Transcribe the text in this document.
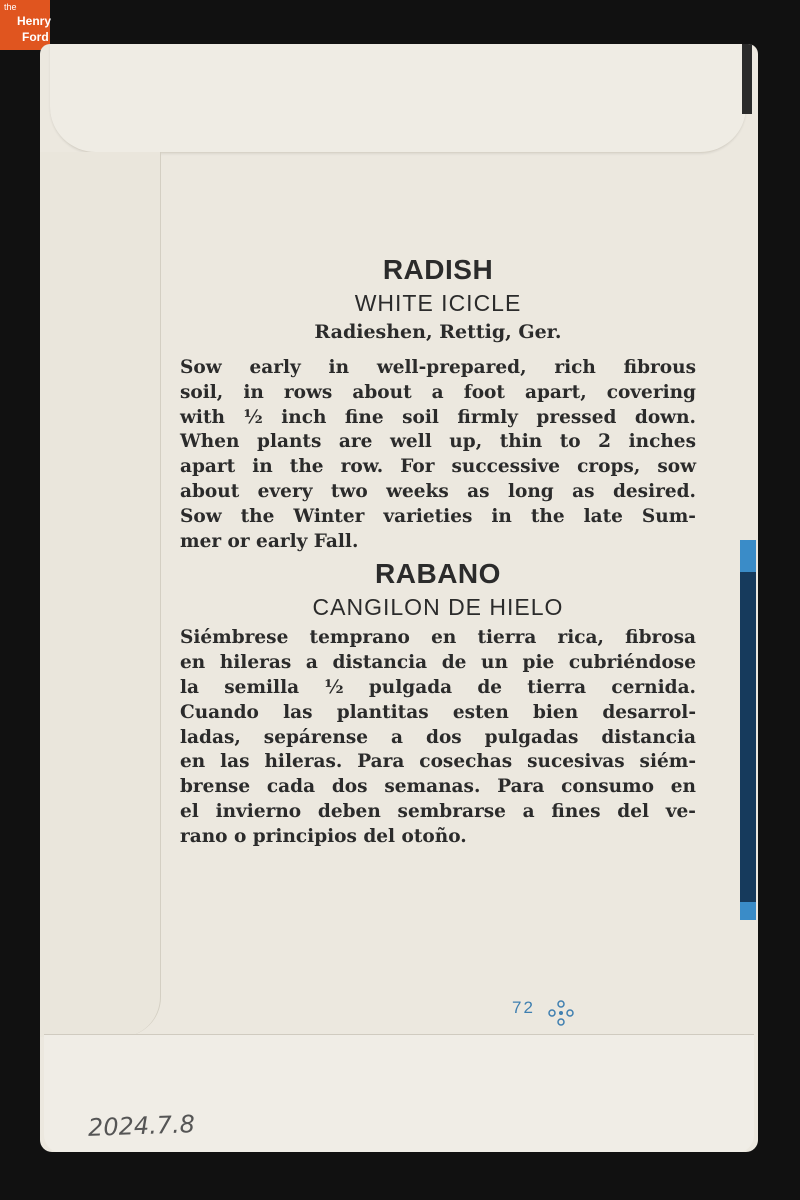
the
Henry
Ford
RADISH
WHITE ICICLE
Radieshen, Rettig, Ger.
Sow early in well-prepared, rich fibrous
soil, in rows about a foot apart, covering
with ½ inch fine soil firmly pressed down.
When plants are well up, thin to 2 inches
apart in the row. For successive crops, sow
about every two weeks as long as desired.
Sow the Winter varieties in the late Sum-
mer or early Fall.
RABANO
CANGILON DE HIELO
Siémbrese temprano en tierra rica, fibrosa
en hileras a distancia de un pie cubriéndose
la semilla ½ pulgada de tierra cernida.
Cuando las plantitas esten bien desarrol-
ladas, sepárense a dos pulgadas distancia
en las hileras. Para cosechas sucesivas siém-
brense cada dos semanas. Para consumo en
el invierno deben sembrarse a fines del ve-
rano o principios del otoño.
72
2024.7.8
